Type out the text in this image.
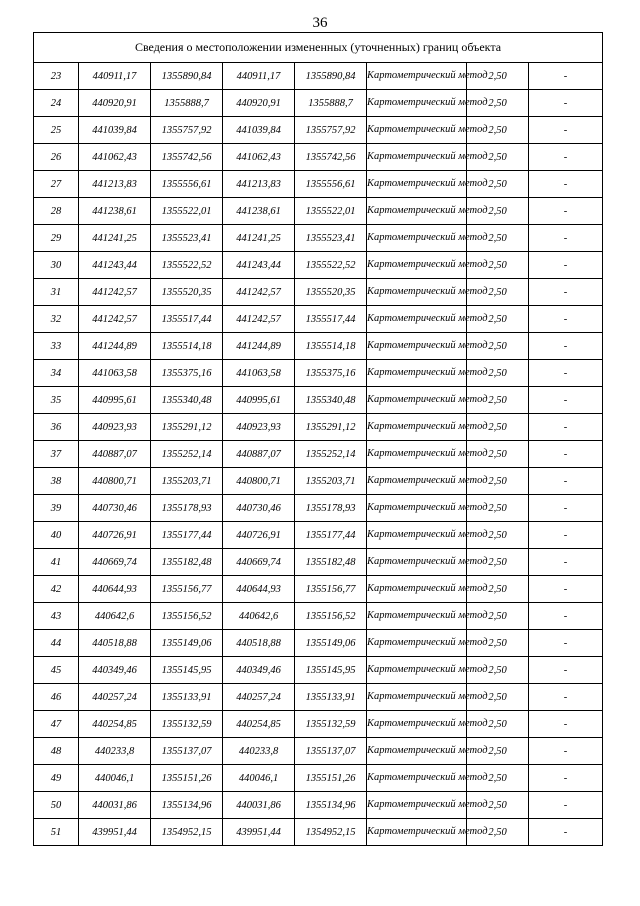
36
Сведения о местоположении измененных (уточненных) границ объекта							
23	440911,17	1355890,84	440911,17	1355890,84	Картометрический метод	2,50	-
24	440920,91	1355888,7	440920,91	1355888,7	Картометрический метод	2,50	-
25	441039,84	1355757,92	441039,84	1355757,92	Картометрический метод	2,50	-
26	441062,43	1355742,56	441062,43	1355742,56	Картометрический метод	2,50	-
27	441213,83	1355556,61	441213,83	1355556,61	Картометрический метод	2,50	-
28	441238,61	1355522,01	441238,61	1355522,01	Картометрический метод	2,50	-
29	441241,25	1355523,41	441241,25	1355523,41	Картометрический метод	2,50	-
30	441243,44	1355522,52	441243,44	1355522,52	Картометрический метод	2,50	-
31	441242,57	1355520,35	441242,57	1355520,35	Картометрический метод	2,50	-
32	441242,57	1355517,44	441242,57	1355517,44	Картометрический метод	2,50	-
33	441244,89	1355514,18	441244,89	1355514,18	Картометрический метод	2,50	-
34	441063,58	1355375,16	441063,58	1355375,16	Картометрический метод	2,50	-
35	440995,61	1355340,48	440995,61	1355340,48	Картометрический метод	2,50	-
36	440923,93	1355291,12	440923,93	1355291,12	Картометрический метод	2,50	-
37	440887,07	1355252,14	440887,07	1355252,14	Картометрический метод	2,50	-
38	440800,71	1355203,71	440800,71	1355203,71	Картометрический метод	2,50	-
39	440730,46	1355178,93	440730,46	1355178,93	Картометрический метод	2,50	-
40	440726,91	1355177,44	440726,91	1355177,44	Картометрический метод	2,50	-
41	440669,74	1355182,48	440669,74	1355182,48	Картометрический метод	2,50	-
42	440644,93	1355156,77	440644,93	1355156,77	Картометрический метод	2,50	-
43	440642,6	1355156,52	440642,6	1355156,52	Картометрический метод	2,50	-
44	440518,88	1355149,06	440518,88	1355149,06	Картометрический метод	2,50	-
45	440349,46	1355145,95	440349,46	1355145,95	Картометрический метод	2,50	-
46	440257,24	1355133,91	440257,24	1355133,91	Картометрический метод	2,50	-
47	440254,85	1355132,59	440254,85	1355132,59	Картометрический метод	2,50	-
48	440233,8	1355137,07	440233,8	1355137,07	Картометрический метод	2,50	-
49	440046,1	1355151,26	440046,1	1355151,26	Картометрический метод	2,50	-
50	440031,86	1355134,96	440031,86	1355134,96	Картометрический метод	2,50	-
51	439951,44	1354952,15	439951,44	1354952,15	Картометрический метод	2,50	-
